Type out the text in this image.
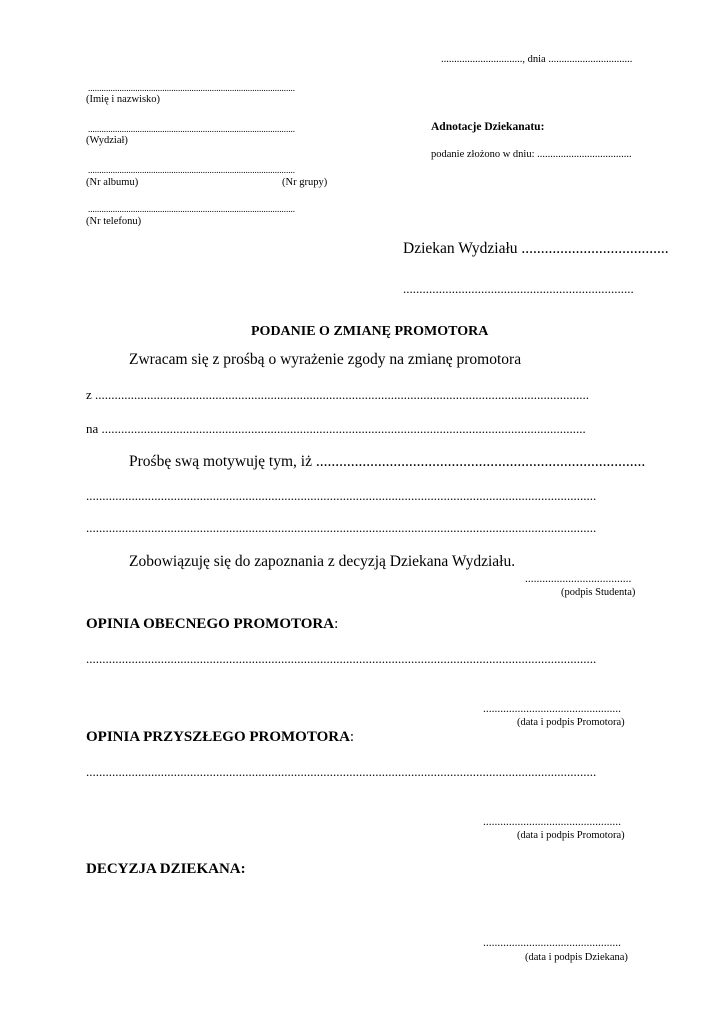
..............................., dnia ................................
............................................................................................
(Imię i nazwisko)
............................................................................................
(Wydział)
............................................................................................
(Nr albumu)	(Nr grupy)
............................................................................................
(Nr telefonu)
Adnotacje Dziekanatu:
podanie złożono w dniu: ....................................
Dziekan Wydziału ......................................
.......................................................................
PODANIE O ZMIANĘ PROMOTORA
Zwracam się z prośbą o wyrażenie zgody na zmianę promotora
z ........................................................................................................................................................
na .....................................................................................................................................................
Prośbę swą motywuję tym, iż .....................................................................................
.............................................................................................................................................................
.............................................................................................................................................................
Zobowiązuję się do zapoznania z decyzją Dziekana Wydziału.
.....................................
(podpis Studenta)
OPINIA OBECNEGO PROMOTORA:
.............................................................................................................................................................
................................................
(data i podpis Promotora)
OPINIA PRZYSZŁEGO PROMOTORA:
.............................................................................................................................................................
................................................
(data i podpis Promotora)
DECYZJA DZIEKANA:
................................................
(data i podpis Dziekana)
